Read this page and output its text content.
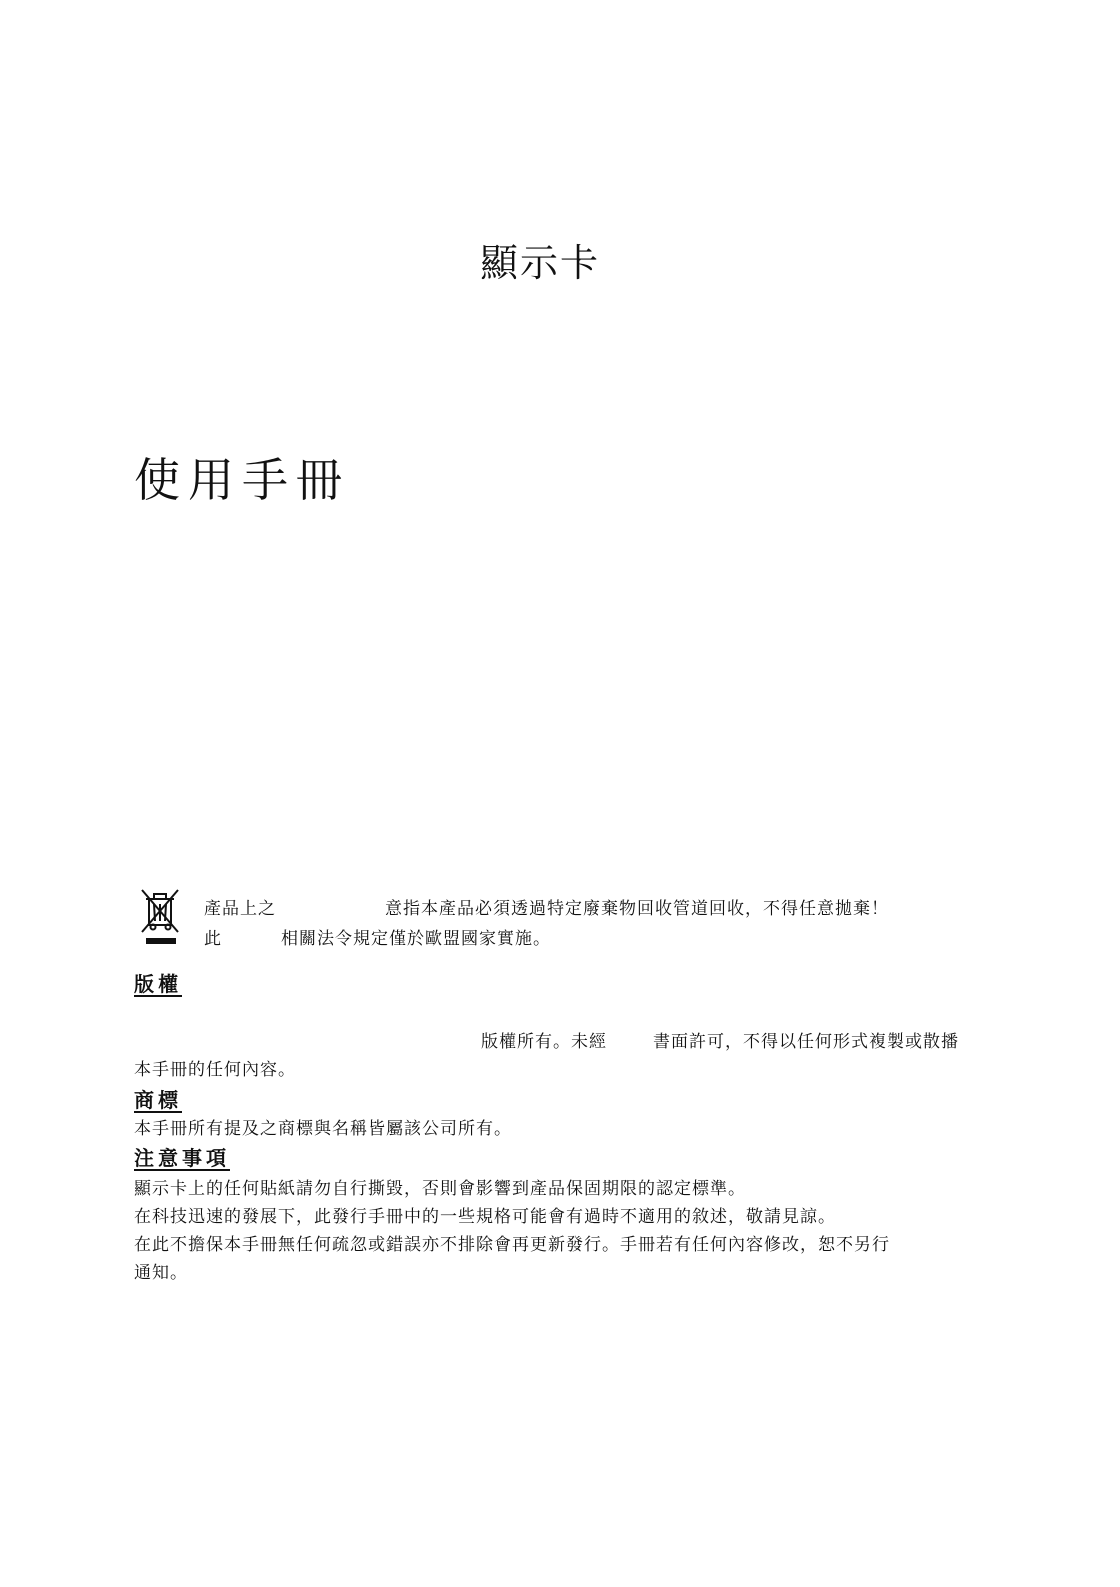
顯示卡
使用手冊
產品上之	意指本產品必須透過特定廢棄物回收管道回收，不得任意拋棄！
此	相關法令規定僅於歐盟國家實施。
版權
版權所有。未經	書面許可，不得以任何形式複製或散播
本手冊的任何內容。
商標
本手冊所有提及之商標與名稱皆屬該公司所有。
注意事項
顯示卡上的任何貼紙請勿自行撕毀，否則會影響到產品保固期限的認定標準。
在科技迅速的發展下，此發行手冊中的一些規格可能會有過時不適用的敘述，敬請見諒。
在此不擔保本手冊無任何疏忽或錯誤亦不排除會再更新發行。手冊若有任何內容修改，恕不另行
通知。
